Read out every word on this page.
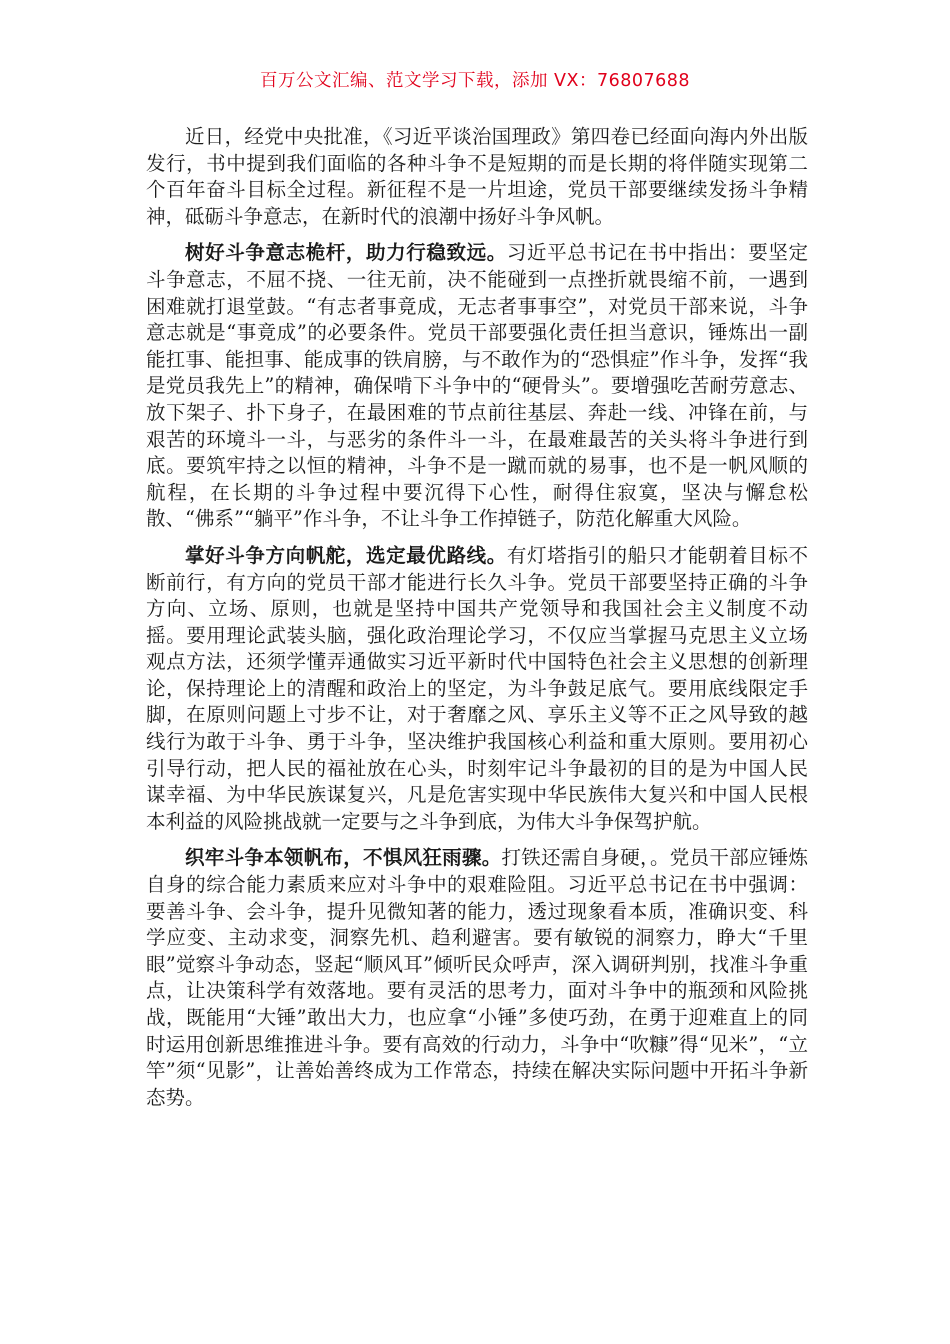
百万公文汇编、范文学习下载，添加 VX：76807688

近日，经党中央批准，《习近平谈治国理政》第四卷已经面向海内外出版发行，书中提到我们面临的各种斗争不是短期的而是长期的将伴随实现第二个百年奋斗目标全过程。新征程不是一片坦途，党员干部要继续发扬斗争精神，砥砺斗争意志，在新时代的浪潮中扬好斗争风帆。

树好斗争意志桅杆，助力行稳致远。习近平总书记在书中指出：要坚定斗争意志，不屈不挠、一往无前，决不能碰到一点挫折就畏缩不前，一遇到困难就打退堂鼓。“有志者事竟成，无志者事事空”，对党员干部来说，斗争意志就是“事竟成”的必要条件。党员干部要强化责任担当意识，锤炼出一副能扛事、能担事、能成事的铁肩膀，与不敢作为的“恐惧症”作斗争，发挥“我是党员我先上”的精神，确保啃下斗争中的“硬骨头”。要增强吃苦耐劳意志、放下架子、扑下身子，在最困难的节点前往基层、奔赴一线、冲锋在前，与艰苦的环境斗一斗，与恶劣的条件斗一斗，在最难最苦的关头将斗争进行到底。要筑牢持之以恒的精神，斗争不是一蹴而就的易事，也不是一帆风顺的航程，在长期的斗争过程中要沉得下心性，耐得住寂寞，坚决与懈怠松散、“佛系”“躺平”作斗争，不让斗争工作掉链子，防范化解重大风险。

掌好斗争方向帆舵，选定最优路线。有灯塔指引的船只才能朝着目标不断前行，有方向的党员干部才能进行长久斗争。党员干部要坚持正确的斗争方向、立场、原则，也就是坚持中国共产党领导和我国社会主义制度不动摇。要用理论武装头脑，强化政治理论学习，不仅应当掌握马克思主义立场观点方法，还须学懂弄通做实习近平新时代中国特色社会主义思想的创新理论，保持理论上的清醒和政治上的坚定，为斗争鼓足底气。要用底线限定手脚，在原则问题上寸步不让，对于奢靡之风、享乐主义等不正之风导致的越线行为敢于斗争、勇于斗争，坚决维护我国核心利益和重大原则。要用初心引导行动，把人民的福祉放在心头，时刻牢记斗争最初的目的是为中国人民谋幸福、为中华民族谋复兴，凡是危害实现中华民族伟大复兴和中国人民根本利益的风险挑战就一定要与之斗争到底，为伟大斗争保驾护航。

织牢斗争本领帆布，不惧风狂雨骤。打铁还需自身硬，。党员干部应锤炼自身的综合能力素质来应对斗争中的艰难险阻。习近平总书记在书中强调：要善斗争、会斗争，提升见微知著的能力，透过现象看本质，准确识变、科学应变、主动求变，洞察先机、趋利避害。要有敏锐的洞察力，睁大“千里眼”觉察斗争动态，竖起“顺风耳”倾听民众呼声，深入调研判别，找准斗争重点，让决策科学有效落地。要有灵活的思考力，面对斗争中的瓶颈和风险挑战，既能用“大锤”敢出大力，也应拿“小锤”多使巧劲，在勇于迎难直上的同时运用创新思维推进斗争。要有高效的行动力，斗争中“吹糠”得“见米”，“立竿”须“见影”，让善始善终成为工作常态，持续在解决实际问题中开拓斗争新态势。
